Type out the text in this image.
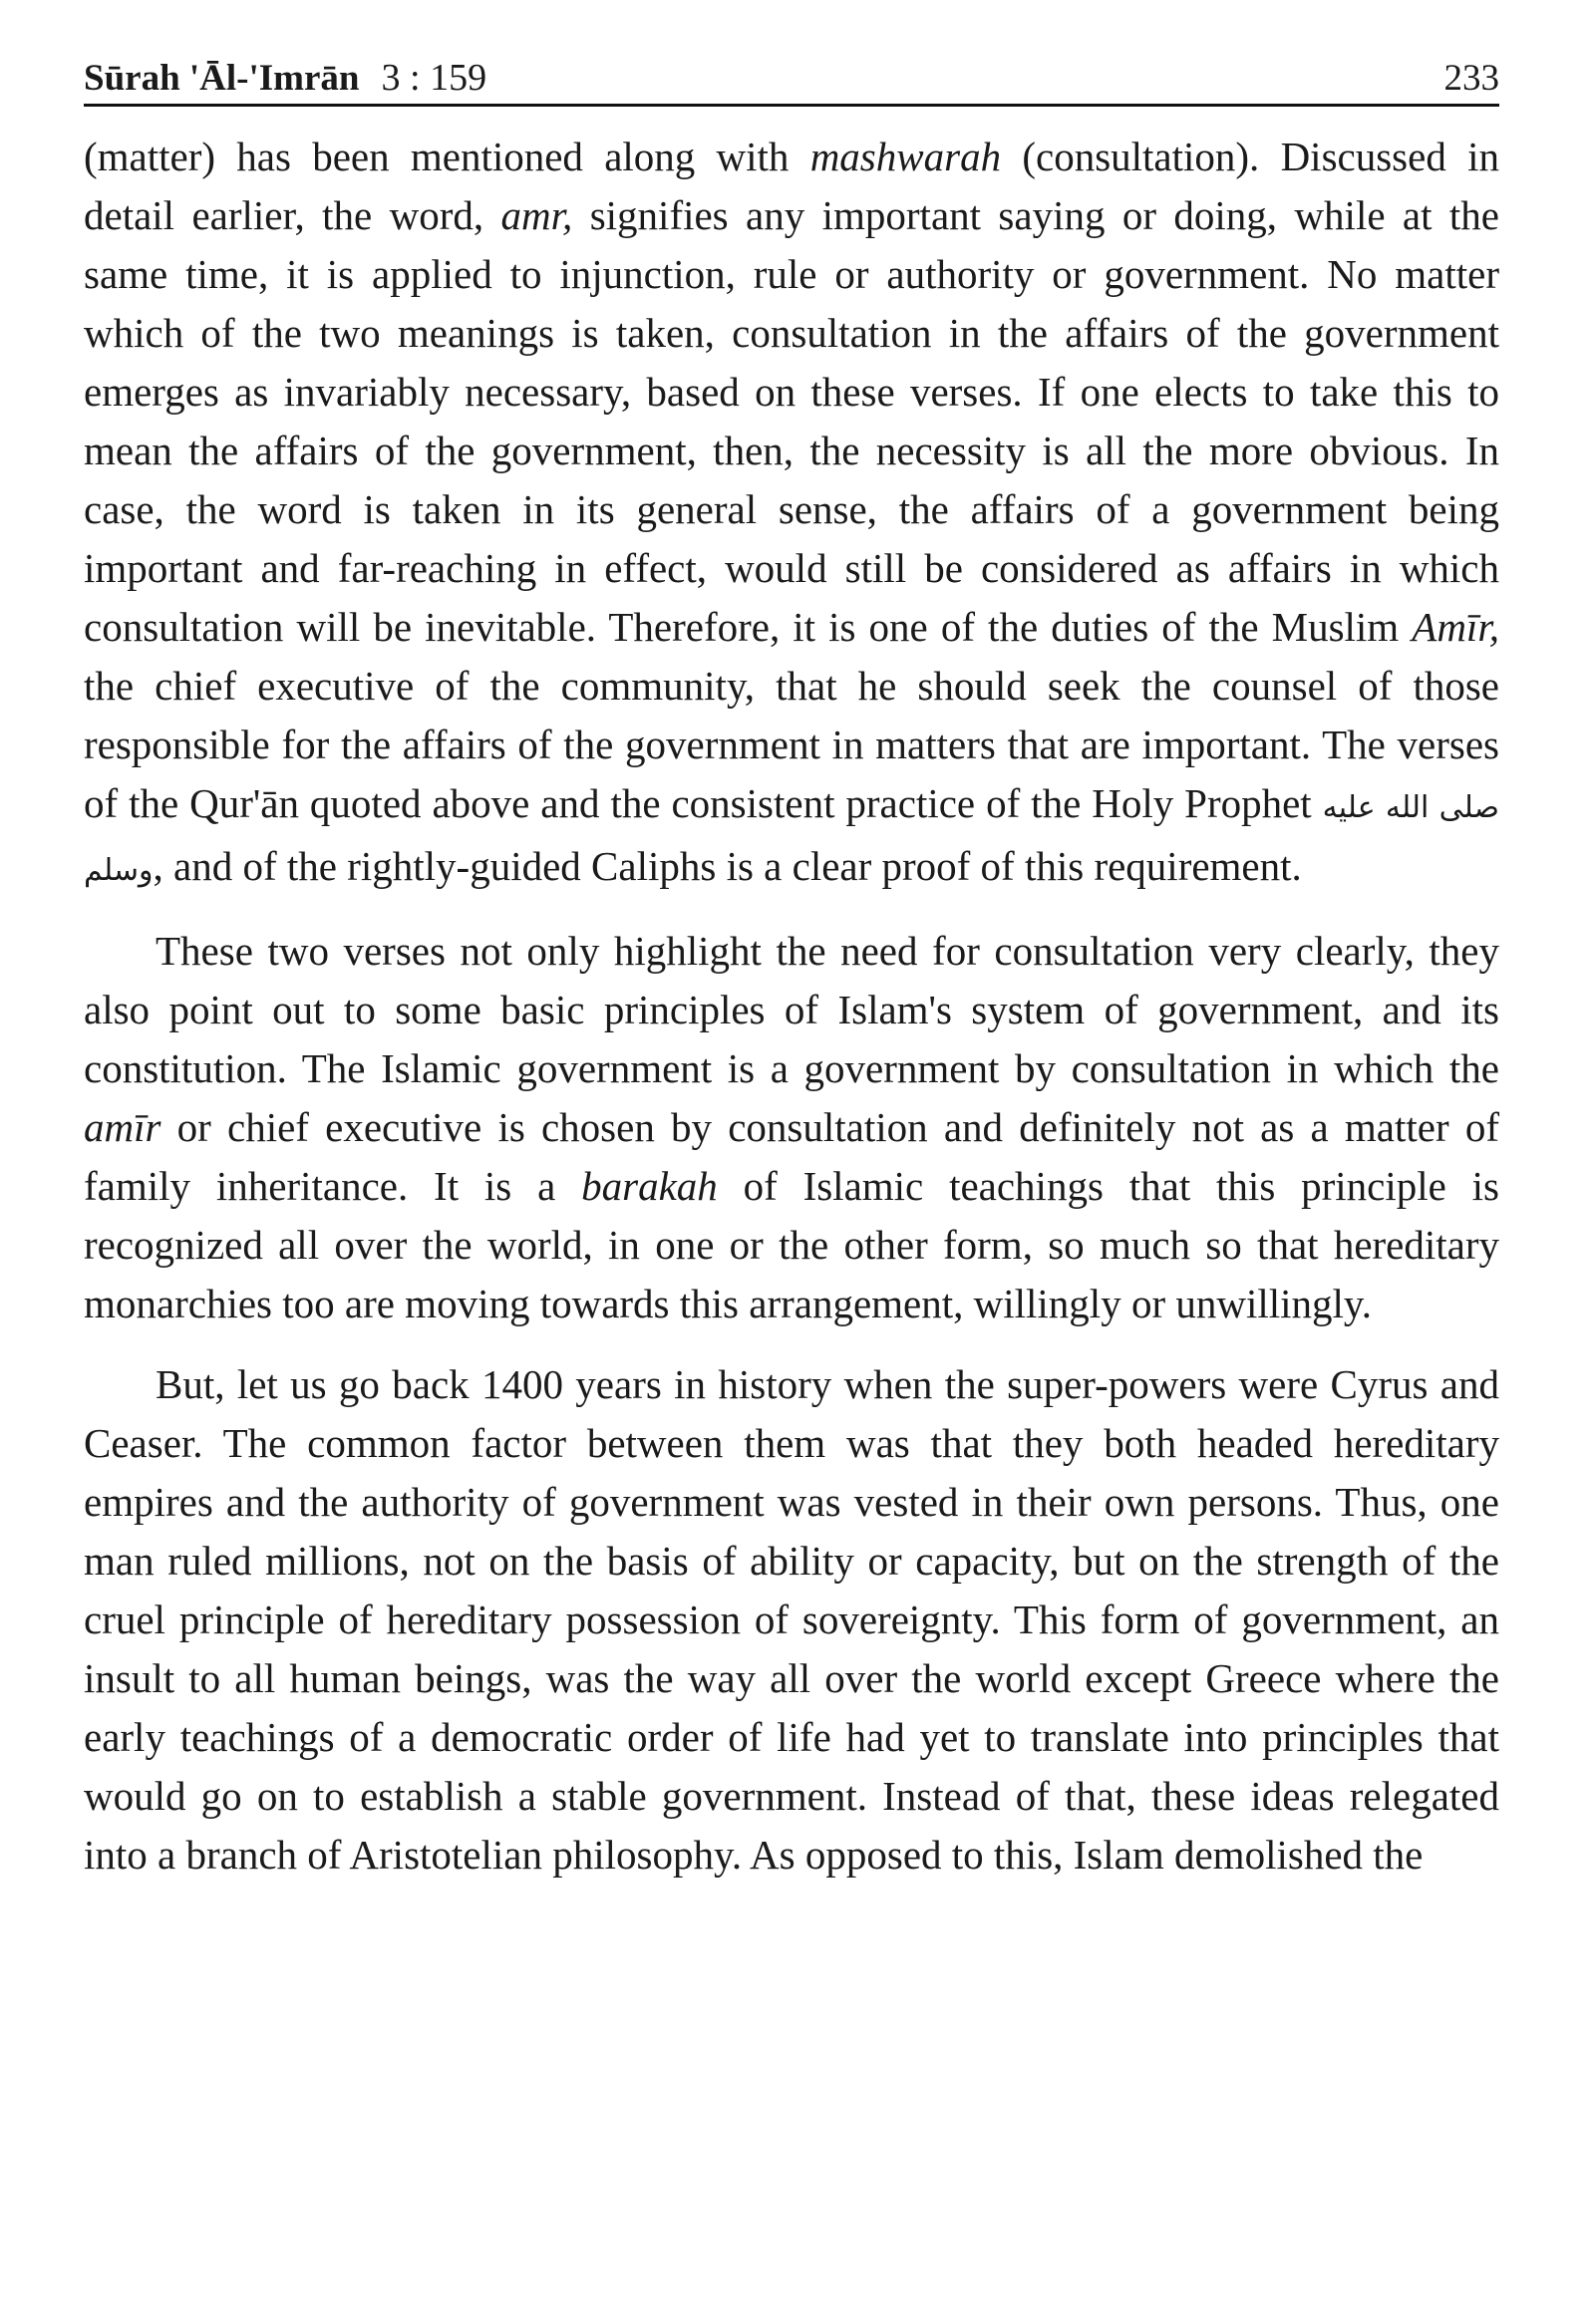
Sūrah 'Āl-'Imrān 3 : 159	233

(matter) has been mentioned along with mashwarah (consultation). Discussed in detail earlier, the word, amr, signifies any important saying or doing, while at the same time, it is applied to injunction, rule or authority or government. No matter which of the two meanings is taken, consultation in the affairs of the government emerges as invariably necessary, based on these verses. If one elects to take this to mean the affairs of the government, then, the necessity is all the more obvious. In case, the word is taken in its general sense, the affairs of a government being important and far-reaching in effect, would still be considered as affairs in which consultation will be inevitable. Therefore, it is one of the duties of the Muslim Amīr, the chief executive of the community, that he should seek the counsel of those responsible for the affairs of the government in matters that are important. The verses of the Qur'ān quoted above and the consistent practice of the Holy Prophet صلى الله عليه وسلم, and of the rightly-guided Caliphs is a clear proof of this requirement.

These two verses not only highlight the need for consultation very clearly, they also point out to some basic principles of Islam's system of government, and its constitution. The Islamic government is a government by consultation in which the amīr or chief executive is chosen by consultation and definitely not as a matter of family inheritance. It is a barakah of Islamic teachings that this principle is recognized all over the world, in one or the other form, so much so that hereditary monarchies too are moving towards this arrangement, willingly or unwillingly.

But, let us go back 1400 years in history when the super-powers were Cyrus and Ceaser. The common factor between them was that they both headed hereditary empires and the authority of government was vested in their own persons. Thus, one man ruled millions, not on the basis of ability or capacity, but on the strength of the cruel principle of hereditary possession of sovereignty. This form of government, an insult to all human beings, was the way all over the world except Greece where the early teachings of a democratic order of life had yet to translate into principles that would go on to establish a stable government. Instead of that, these ideas relegated into a branch of Aristotelian philosophy. As opposed to this, Islam demolished the
